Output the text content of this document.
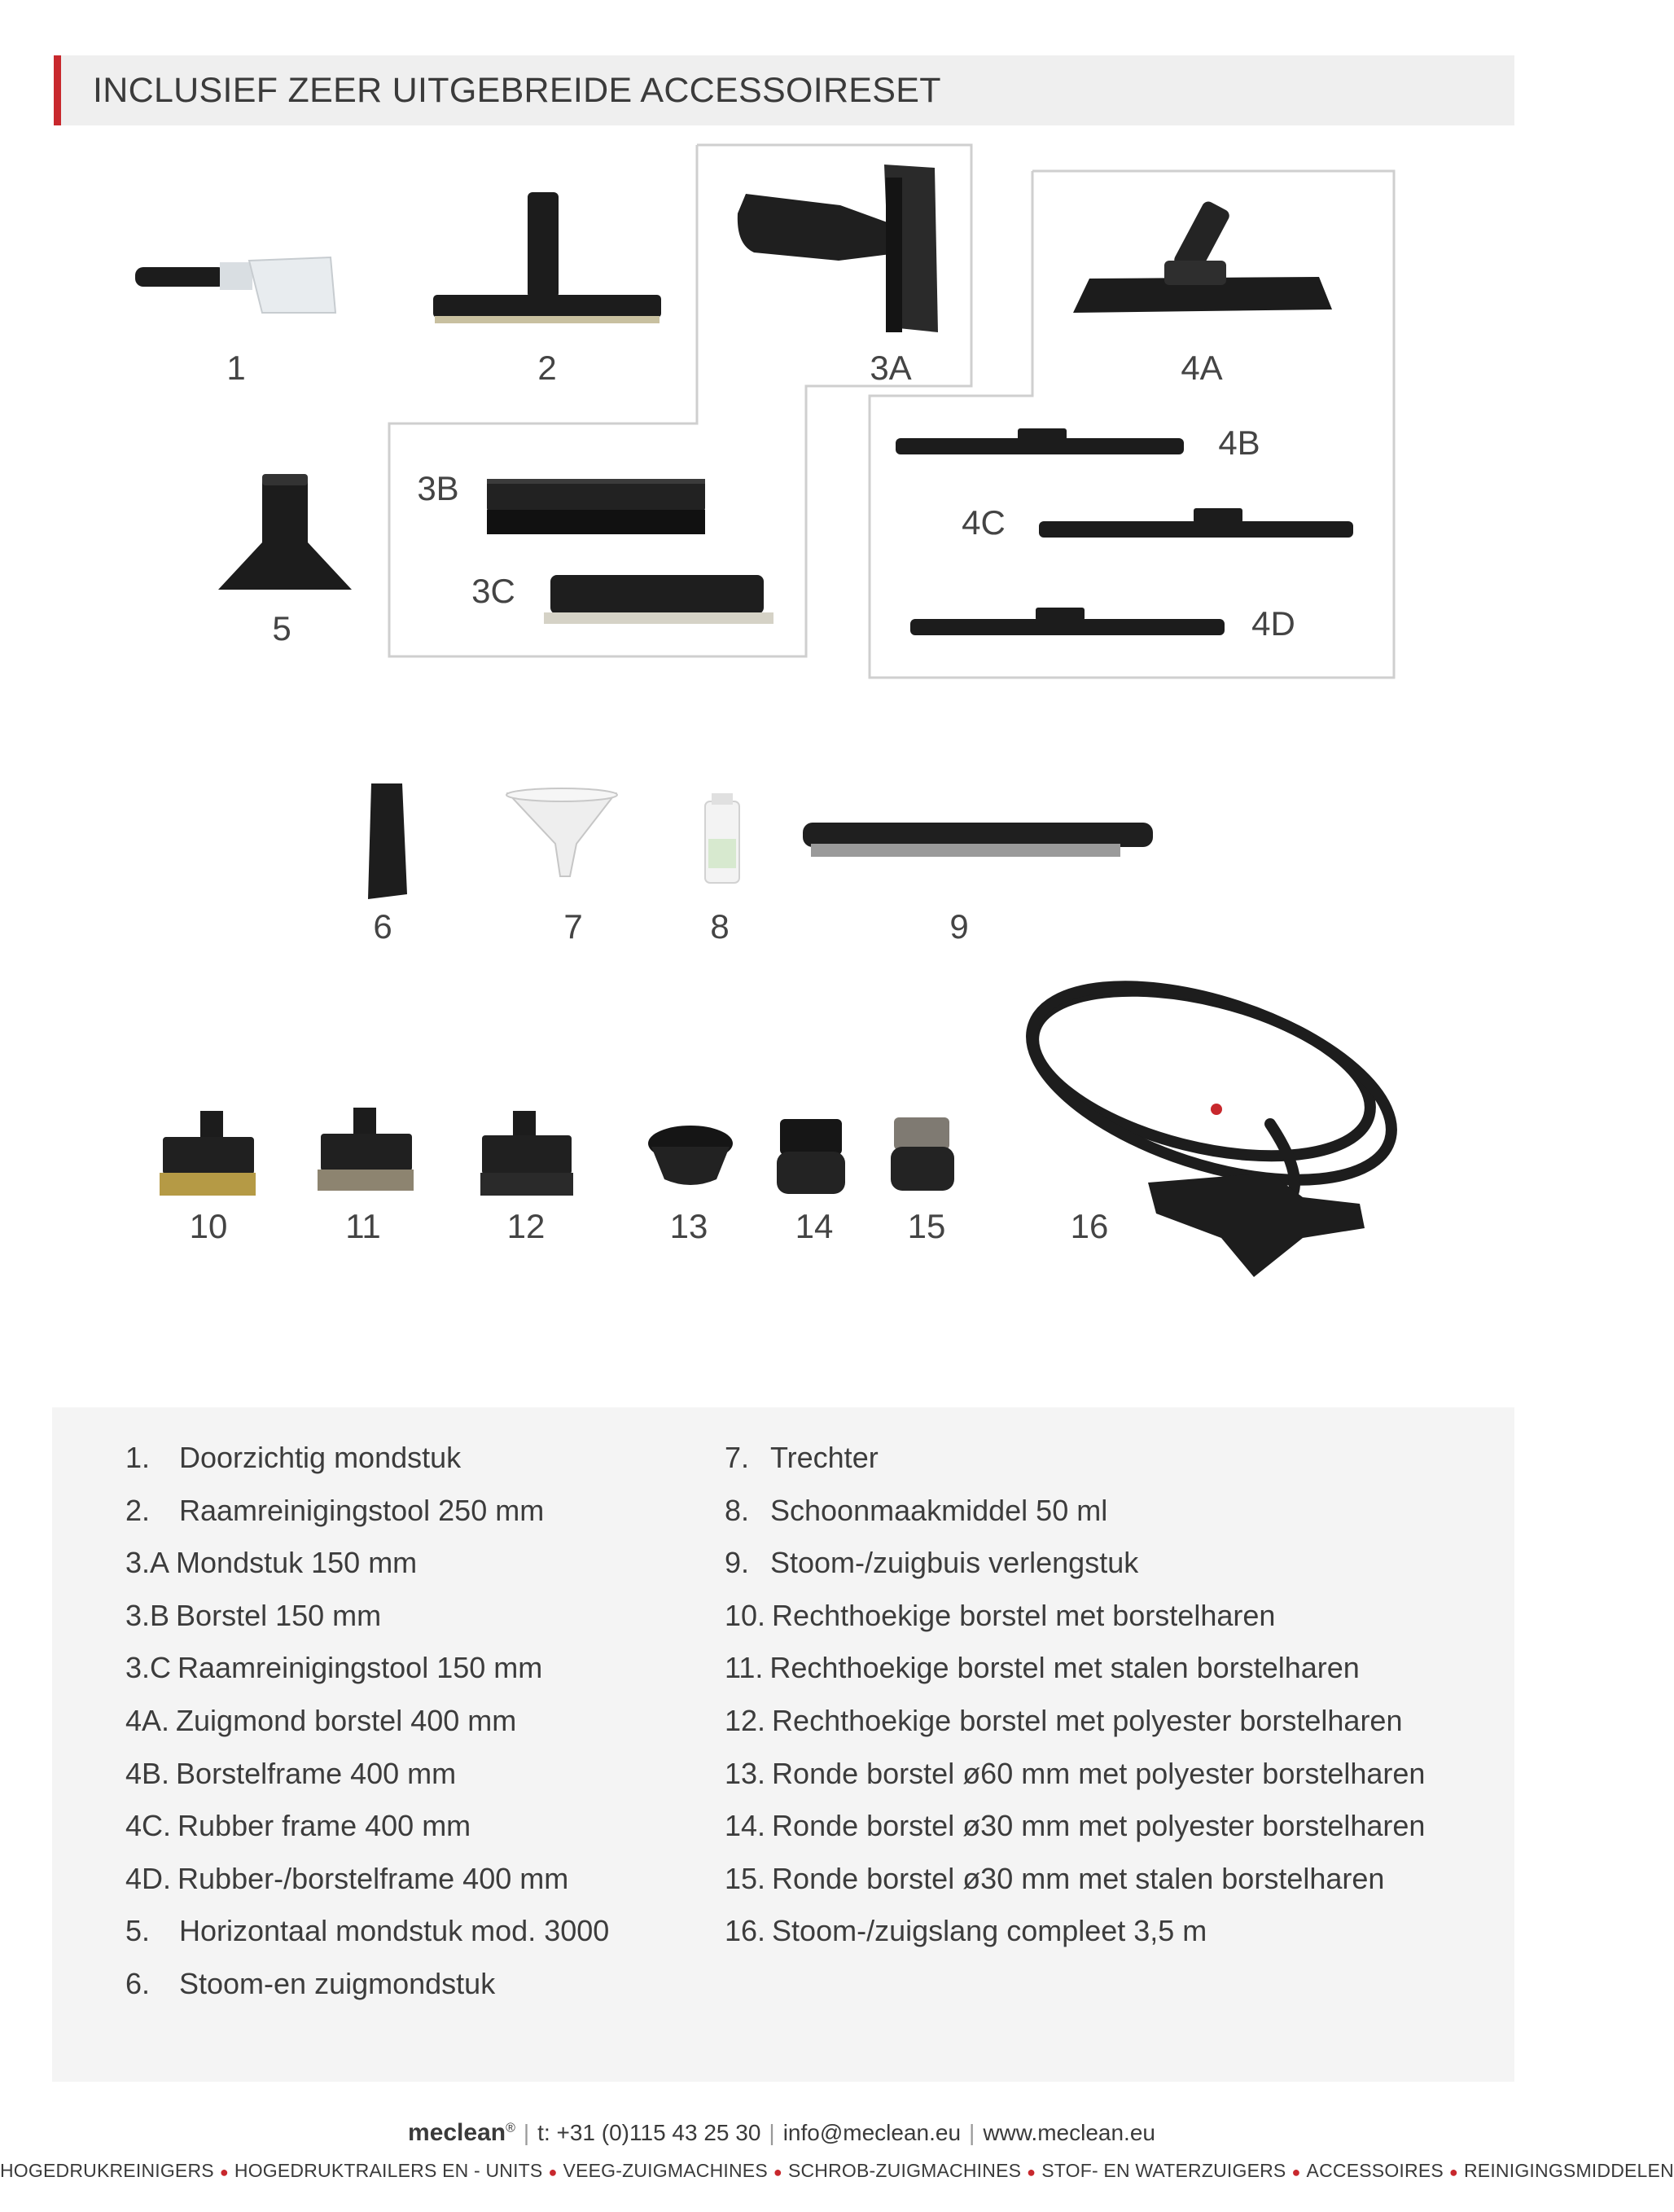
INCLUSIEF ZEER UITGEBREIDE ACCESSOIRESET
1	2	3A	4A
3B
3C
5
4B
4C
4D
6	7	8	9
10	11	12	13	14	15	16
1. Doorzichtig mondstuk
2. Raamreinigingstool 250 mm
3.A Mondstuk 150 mm
3.B Borstel 150 mm
3.C Raamreinigingstool 150 mm
4A. Zuigmond borstel 400 mm
4B. Borstelframe 400 mm
4C. Rubber frame 400 mm
4D. Rubber-/borstelframe 400 mm
5. Horizontaal mondstuk mod. 3000
6. Stoom-en zuigmondstuk
7. Trechter
8. Schoonmaakmiddel 50 ml
9. Stoom-/zuigbuis verlengstuk
10. Rechthoekige borstel met borstelharen
11. Rechthoekige borstel met stalen borstelharen
12. Rechthoekige borstel met polyester borstelharen
13. Ronde borstel ø60 mm met polyester borstelharen
14. Ronde borstel ø30 mm met polyester borstelharen
15. Ronde borstel ø30 mm met stalen borstelharen
16. Stoom-/zuigslang compleet 3,5 m
meclean® | t: +31 (0)115 43 25 30 | info@meclean.eu | www.meclean.eu
HOGEDRUKREINIGERS ● HOGEDRUKTRAILERS EN - UNITS ● VEEG-ZUIGMACHINES ● SCHROB-ZUIGMACHINES ● STOF- EN WATERZUIGERS ● ACCESSOIRES ● REINIGINGSMIDDELEN
